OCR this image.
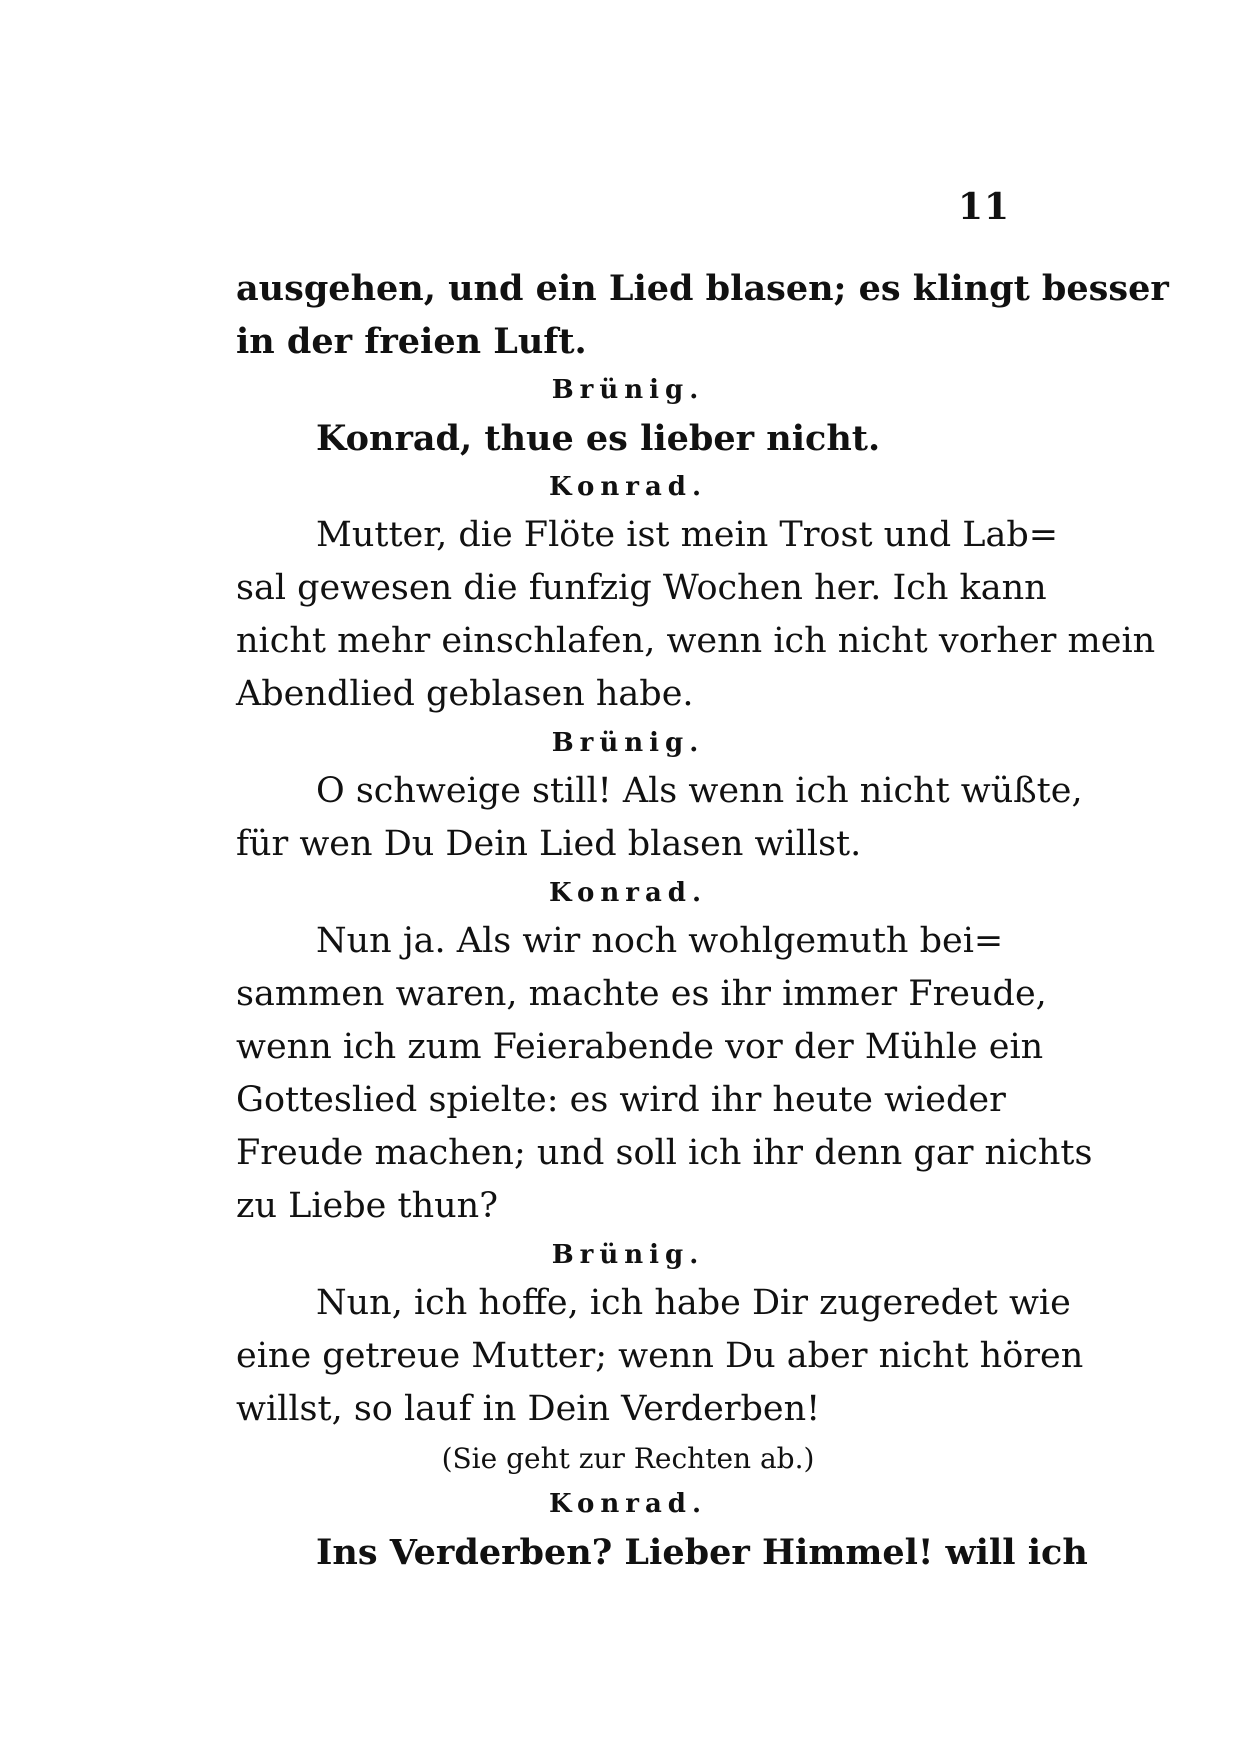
11
ausgehen, und ein Lied blasen; es klingt besser
in der freien Luft.
Brünig.
Konrad, thue es lieber nicht.
Konrad.
Mutter, die Flöte ist mein Trost und Lab=
sal gewesen die funfzig Wochen her. Ich kann
nicht mehr einschlafen, wenn ich nicht vorher mein
Abendlied geblasen habe.
Brünig.
O schweige still! Als wenn ich nicht wüßte,
für wen Du Dein Lied blasen willst.
Konrad.
Nun ja. Als wir noch wohlgemuth bei=
sammen waren, machte es ihr immer Freude,
wenn ich zum Feierabende vor der Mühle ein
Gotteslied spielte: es wird ihr heute wieder
Freude machen; und soll ich ihr denn gar nichts
zu Liebe thun?
Brünig.
Nun, ich hoffe, ich habe Dir zugeredet wie
eine getreue Mutter; wenn Du aber nicht hören
willst, so lauf in Dein Verderben!
(Sie geht zur Rechten ab.)
Konrad.
Ins Verderben? Lieber Himmel! will ich
